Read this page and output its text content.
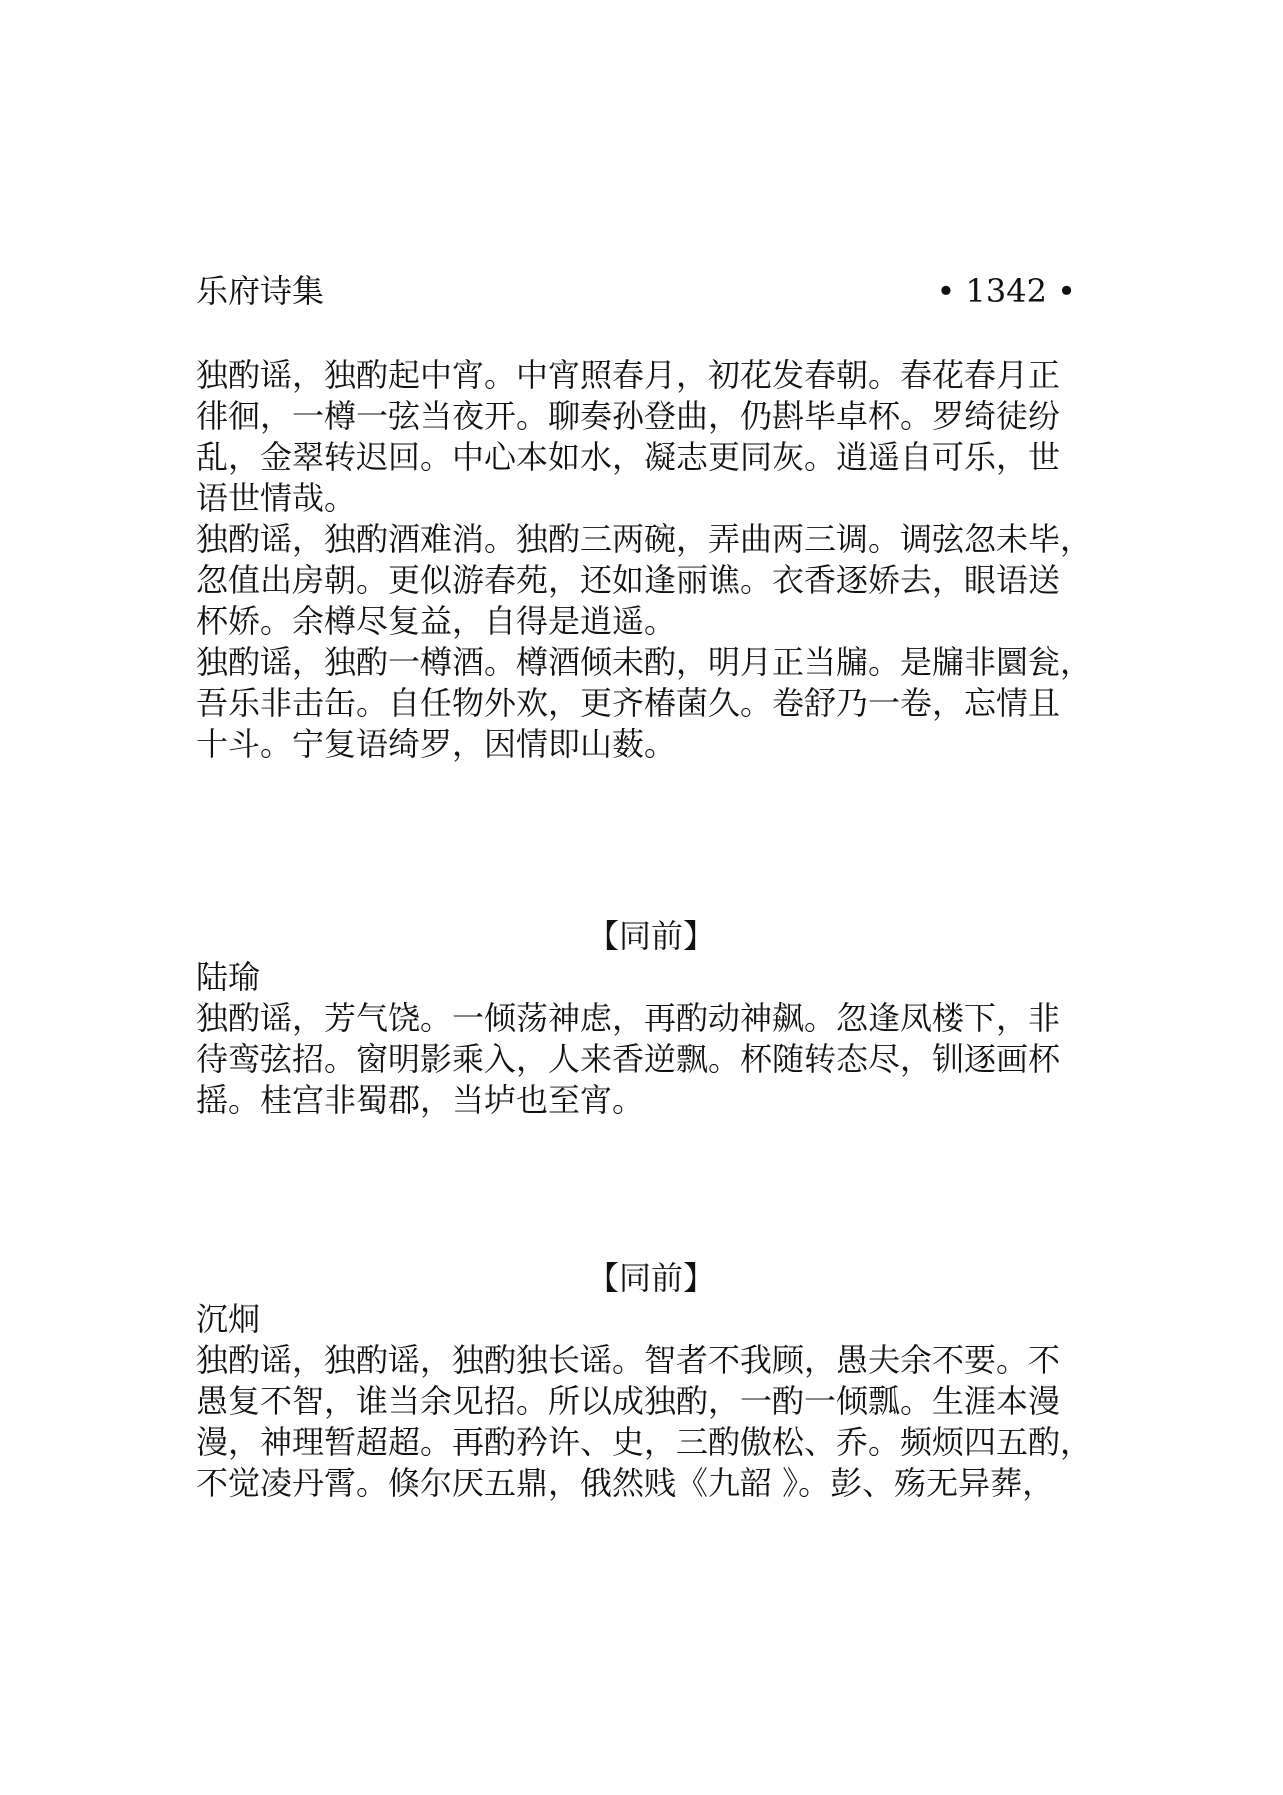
乐府诗集	• 1342 •

独酌谣，独酌起中宵。中宵照春月，初花发春朝。春花春月正
徘徊，一樽一弦当夜开。聊奏孙登曲，仍斟毕卓杯。罗绮徒纷
乱，金翠转迟回。中心本如水，凝志更同灰。逍遥自可乐，世
语世情哉。
独酌谣，独酌酒难消。独酌三两碗，弄曲两三调。调弦忽未毕，
忽值出房朝。更似游春苑，还如逢丽谯。衣香逐娇去，眼语送
杯娇。余樽尽复益，自得是逍遥。
独酌谣，独酌一樽酒。樽酒倾未酌，明月正当牖。是牖非圜瓮，
吾乐非击缶。自任物外欢，更齐椿菌久。卷舒乃一卷，忘情且
十斗。宁复语绮罗，因情即山薮。

【同前】
陆瑜

独酌谣，芳气饶。一倾荡神虑，再酌动神飙。忽逢凤楼下，非
待鸾弦招。窗明影乘入，人来香逆飘。杯随转态尽，钏逐画杯
摇。桂宫非蜀郡，当垆也至宵。

【同前】
沉炯

独酌谣，独酌谣，独酌独长谣。智者不我顾，愚夫余不要。不
愚复不智，谁当余见招。所以成独酌，一酌一倾瓢。生涯本漫
漫，神理暂超超。再酌矜许、史，三酌傲松、乔。频烦四五酌，
不觉凌丹霄。倏尔厌五鼎，俄然贱《九韶 》。彭、殇无异葬，
